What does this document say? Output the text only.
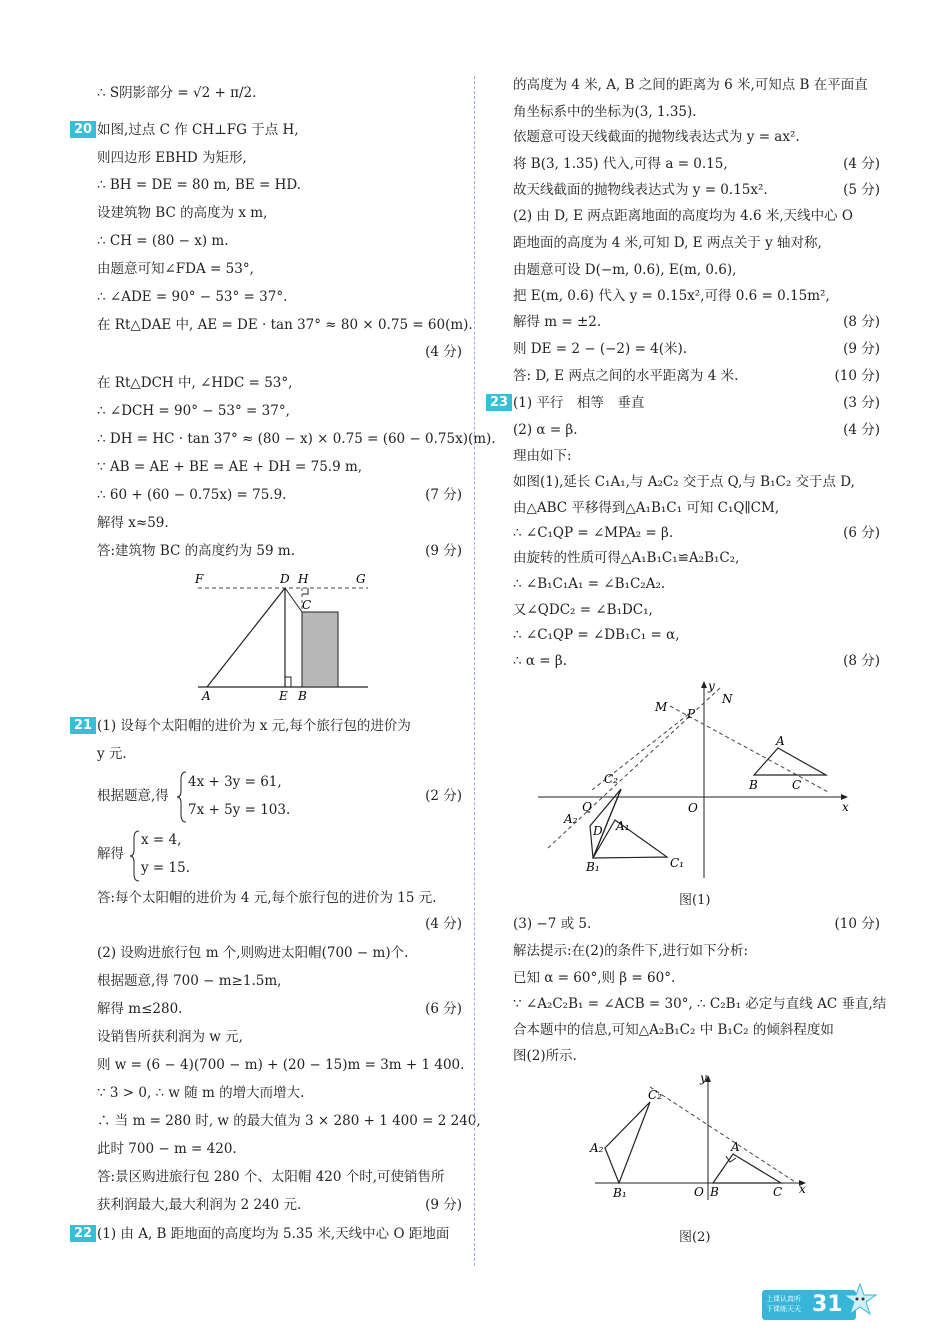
∴ S阴影部分 = √2 + π/2.
20 如图,过点 C 作 CH⊥FG 于点 H,
则四边形 EBHD 为矩形,
∴ BH = DE = 80 m, BE = HD.
设建筑物 BC 的高度为 x m,
∴ CH = (80 − x) m.
由题意可知∠FDA = 53°,
∴ ∠ADE = 90° − 53° = 37°.
在 Rt△DAE 中, AE = DE · tan 37° ≈ 80 × 0.75 = 60(m).
(4 分)
在 Rt△DCH 中, ∠HDC = 53°,
∴ ∠DCH = 90° − 53° = 37°,
∴ DH = HC · tan 37° ≈ (80 − x) × 0.75 = (60 − 0.75x)(m).
∵ AB = AE + BE = AE + DH = 75.9 m,
∴ 60 + (60 − 0.75x) = 75.9.	(7 分)
解得 x≈59.
答:建筑物 BC 的高度约为 59 m.	(9 分)
F	D H	G
C
A	E B
21 (1) 设每个太阳帽的进价为 x 元,每个旅行包的进价为
y 元.
根据题意,得
4x + 3y = 61,
7x + 5y = 103.
(2 分)
解得
x = 4,
y = 15.
答:每个太阳帽的进价为 4 元,每个旅行包的进价为 15 元.
(4 分)
(2) 设购进旅行包 m 个,则购进太阳帽(700 − m)个.
根据题意,得 700 − m≥1.5m,
解得 m≤280.	(6 分)
设销售所获利润为 w 元,
则 w = (6 − 4)(700 − m) + (20 − 15)m = 3m + 1 400.
∵ 3 > 0, ∴ w 随 m 的增大而增大.
∴ 当 m = 280 时, w 的最大值为 3 × 280 + 1 400 = 2 240,
此时 700 − m = 420.
答:景区购进旅行包 280 个、太阳帽 420 个时,可使销售所
获利润最大,最大利润为 2 240 元.	(9 分)
22 (1) 由 A, B 距地面的高度均为 5.35 米,天线中心 O 距地面
的高度为 4 米, A, B 之间的距离为 6 米,可知点 B 在平面直
角坐标系中的坐标为(3, 1.35).
依题意可设天线截面的抛物线表达式为 y = ax².
将 B(3, 1.35) 代入,可得 a = 0.15,	(4 分)
故天线截面的抛物线表达式为 y = 0.15x².	(5 分)
(2) 由 D, E 两点距离地面的高度均为 4.6 米,天线中心 O
距地面的高度为 4 米,可知 D, E 两点关于 y 轴对称,
由题意可设 D(−m, 0.6), E(m, 0.6),
把 E(m, 0.6) 代入 y = 0.15x²,可得 0.6 = 0.15m²,
解得 m = ±2.	(8 分)
则 DE = 2 − (−2) = 4(米).	(9 分)
答: D, E 两点之间的水平距离为 4 米.	(10 分)
23 (1) 平行　相等　垂直	(3 分)
(2) α = β.	(4 分)
理由如下:
如图(1),延长 C₁A₁,与 A₂C₂ 交于点 Q,与 B₁C₂ 交于点 D,
由△ABC 平移得到△A₁B₁C₁ 可知 C₁Q∥CM,
∴ ∠C₁QP = ∠MPA₂ = β.	(6 分)
由旋转的性质可得△A₁B₁C₁≌A₂B₁C₂,
∴ ∠B₁C₁A₁ = ∠B₁C₂A₂.
又∠QDC₂ = ∠B₁DC₁,
∴ ∠C₁QP = ∠DB₁C₁ = α,
∴ α = β.	(8 分)
y
N
M P
A
B	C
C₂
x
Q	O
A₂	A₁
D
B₁	C₁
图(1)
(3) −7 或 5.	(10 分)
解法提示:在(2)的条件下,进行如下分析:
已知 α = 60°,则 β = 60°.
∵ ∠A₂C₂B₁ = ∠ACB = 30°, ∴ C₂B₁ 必定与直线 AC 垂直,结
合本题中的信息,可知△A₂B₁C₂ 中 B₁C₂ 的倾斜程度如
图(2)所示.
y
C₂
A
A₂
B₁	O B	C x
图(2)
上课认真听
下课练天天 31
